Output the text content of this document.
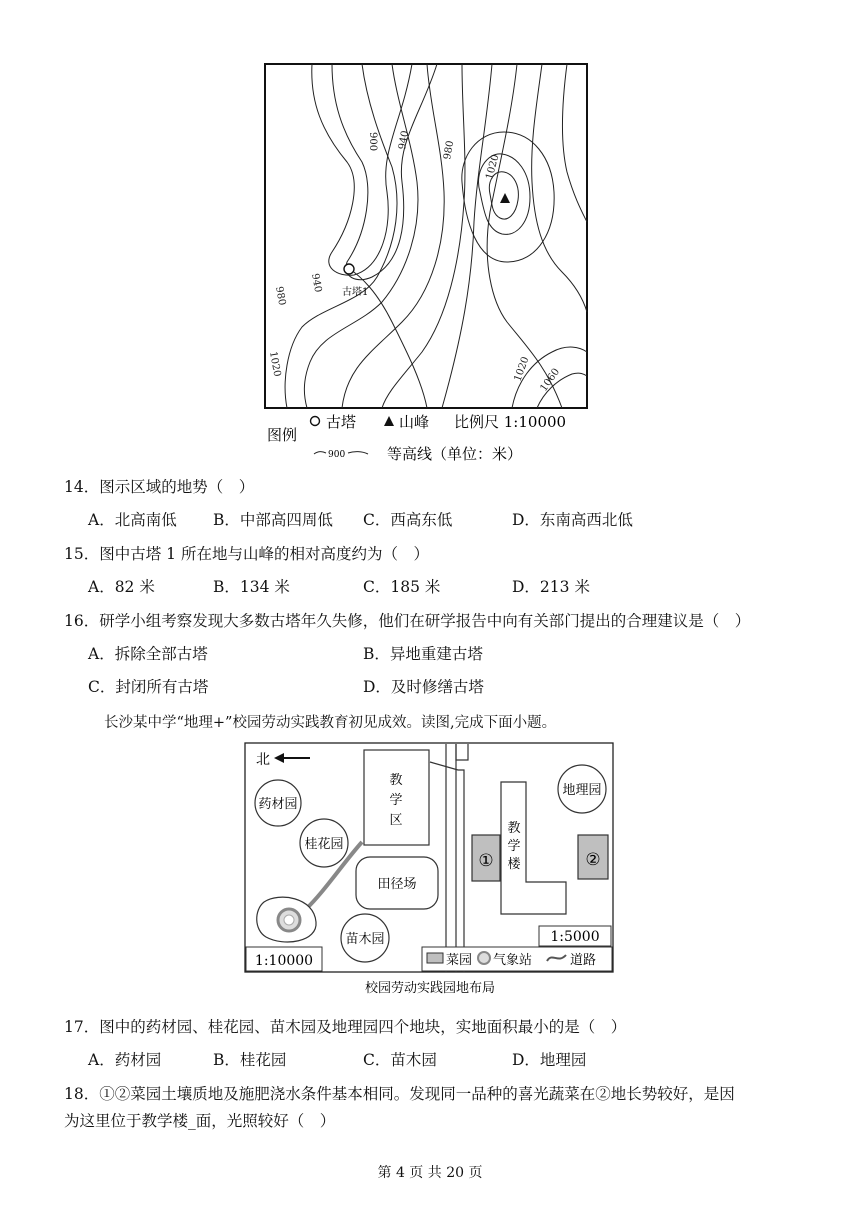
古塔1
900 940	980
1020
940
980
1020	1020 1060
图例
古塔	山峰 比例尺 1:10000
900	等高线（单位：米）
14．图示区域的地势（　）
A．北高南低 B．中部高四周低 C．西高东低	D．东南高西北低
15．图中古塔 1 所在地与山峰的相对高度约为（　）
A．82 米	B．134 米	C．185 米	D．213 米
16．研学小组考察发现大多数古塔年久失修，他们在研学报告中向有关部门提出的合理建议是（　）
A．拆除全部古塔	B．异地重建古塔
C．封闭所有古塔	D．及时修缮古塔
长沙某中学“地理+”校园劳动实践教育初见成效。读图,完成下面小题。
北
药材园
桂花园
教
学
区
田径场
苗木园
①
教
学
楼
地理园
②
1:5000
1:10000	菜园 气象站	道路
校园劳动实践园地布局
17．图中的药材园、桂花园、苗木园及地理园四个地块，实地面积最小的是（　）
A．药材园	B．桂花园	C．苗木园	D．地理园
18．①②菜园土壤质地及施肥浇水条件基本相同。发现同一品种的喜光蔬菜在②地长势较好，是因
为这里位于教学楼_面，光照较好（　）
第 4 页 共 20 页
